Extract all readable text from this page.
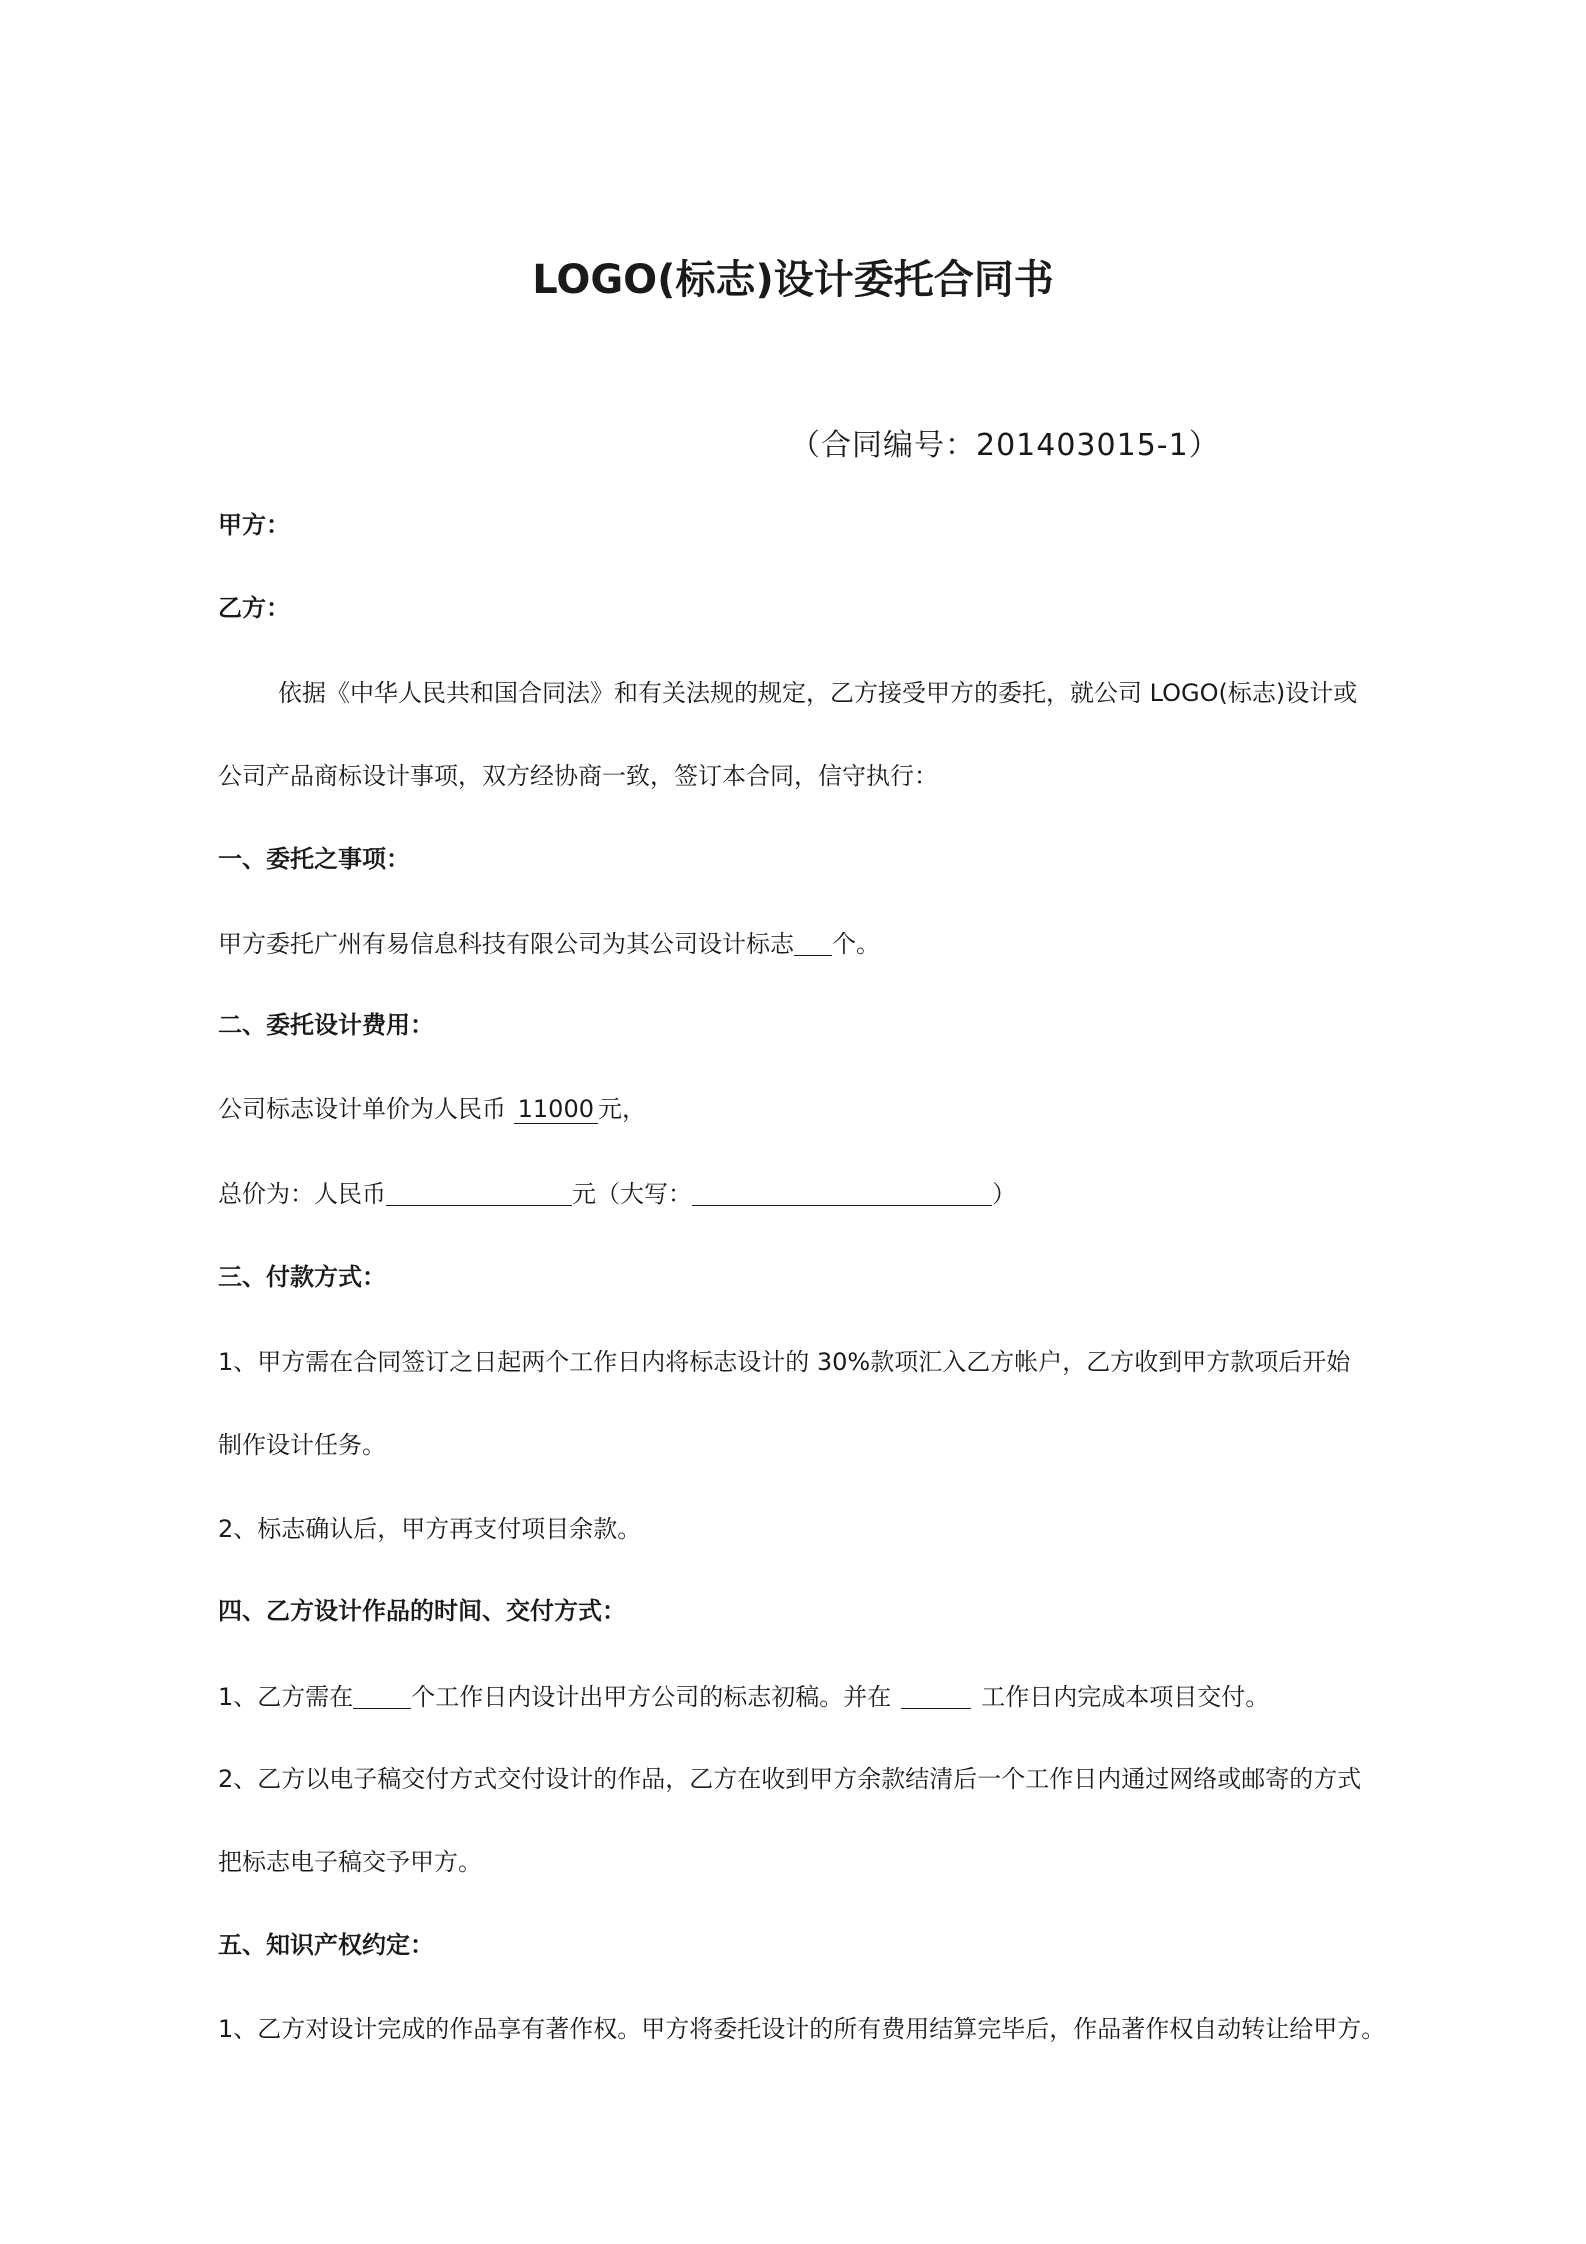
LOGO(标志)设计委托合同书
（合同编号：201403015-1）
甲方：
乙方：
依据《中华人民共和国合同法》和有关法规的规定，乙方接受甲方的委托，就公司 LOGO(标志)设计或
公司产品商标设计事项，双方经协商一致，签订本合同，信守执行：
一、委托之事项：
甲方委托广州有易信息科技有限公司为其公司设计标志 个。
二、委托设计费用：
公司标志设计单价为人民币 11000 元，
总价为：人民币	元（大写：	）
三、付款方式：
1、甲方需在合同签订之日起两个工作日内将标志设计的 30%款项汇入乙方帐户，乙方收到甲方款项后开始
制作设计任务。
2、标志确认后，甲方再支付项目余款。
四、乙方设计作品的时间、交付方式：
1、乙方需在 个工作日内设计出甲方公司的标志初稿。并在	工作日内完成本项目交付。
2、乙方以电子稿交付方式交付设计的作品，乙方在收到甲方余款结清后一个工作日内通过网络或邮寄的方式
把标志电子稿交予甲方。
五、知识产权约定：
1、乙方对设计完成的作品享有著作权。甲方将委托设计的所有费用结算完毕后，作品著作权自动转让给甲方。
